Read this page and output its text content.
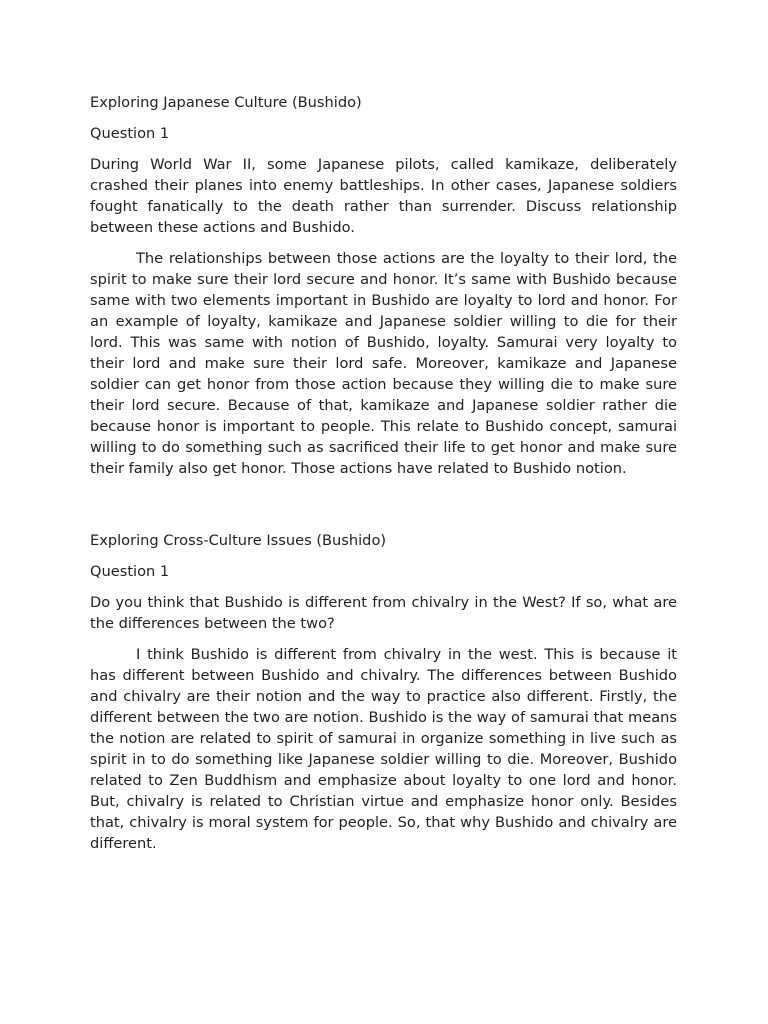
Exploring Japanese Culture (Bushido)

Question 1

During World War II, some Japanese pilots, called kamikaze, deliberately crashed their planes into enemy battleships. In other cases, Japanese soldiers fought fanatically to the death rather than surrender. Discuss relationship between these actions and Bushido.

The relationships between those actions are the loyalty to their lord, the spirit to make sure their lord secure and honor. It’s same with Bushido because same with two elements important in Bushido are loyalty to lord and honor. For an example of loyalty, kamikaze and Japanese soldier willing to die for their lord. This was same with notion of Bushido, loyalty. Samurai very loyalty to their lord and make sure their lord safe. Moreover, kamikaze and Japanese soldier can get honor from those action because they willing die to make sure their lord secure. Because of that, kamikaze and Japanese soldier rather die because honor is important to people. This relate to Bushido concept, samurai willing to do something such as sacrificed their life to get honor and make sure their family also get honor. Those actions have related to Bushido notion.

Exploring Cross-Culture Issues (Bushido)

Question 1

Do you think that Bushido is different from chivalry in the West? If so, what are the differences between the two?

I think Bushido is different from chivalry in the west. This is because it has different between Bushido and chivalry. The differences between Bushido and chivalry are their notion and the way to practice also different. Firstly, the different between the two are notion. Bushido is the way of samurai that means the notion are related to spirit of samurai in organize something in live such as spirit in to do something like Japanese soldier willing to die. Moreover, Bushido related to Zen Buddhism and emphasize about loyalty to one lord and honor. But, chivalry is related to Christian virtue and emphasize honor only. Besides that, chivalry is moral system for people. So, that why Bushido and chivalry are different.
